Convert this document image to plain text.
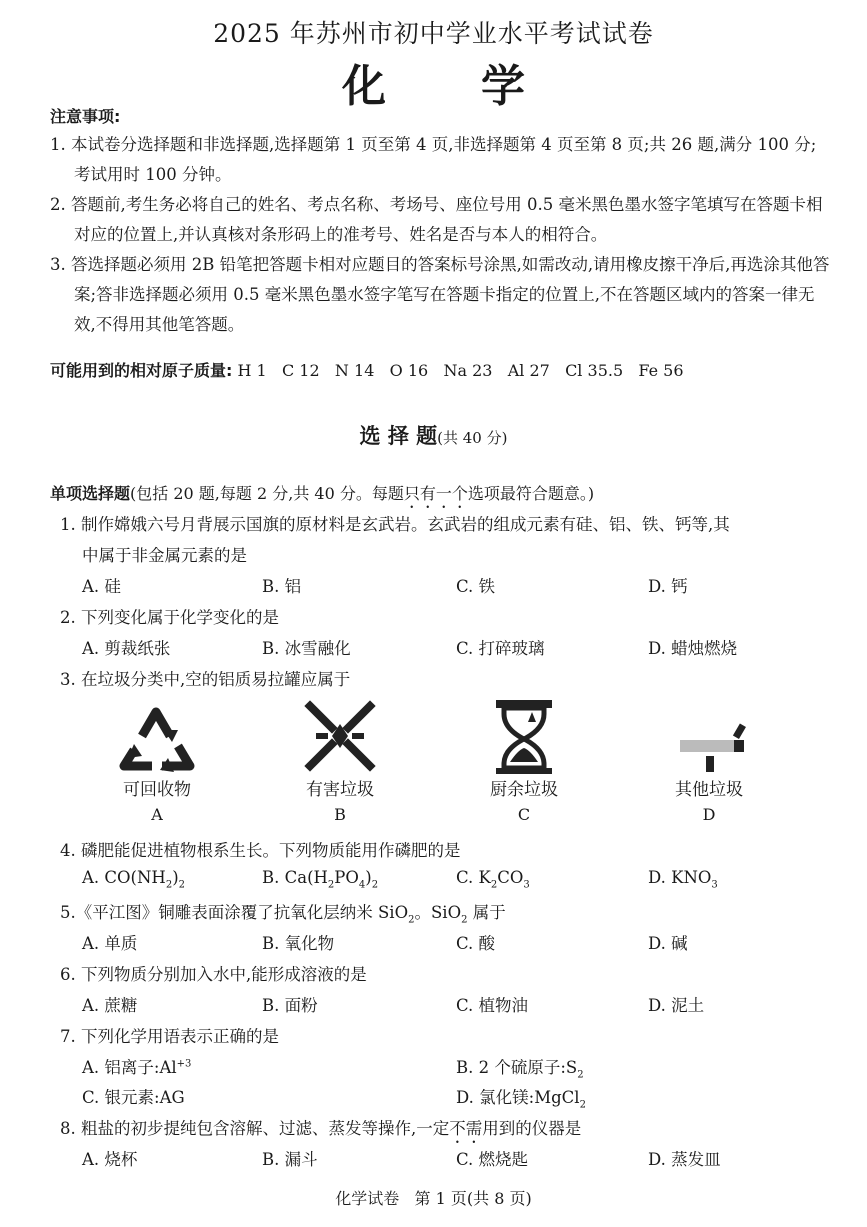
2025 年苏州市初中学业水平考试试卷
化学
注意事项:
1. 本试卷分选择题和非选择题,选择题第 1 页至第 4 页,非选择题第 4 页至第 8 页;共 26 题,满分 100 分;考试用时 100 分钟。
2. 答题前,考生务必将自己的姓名、考点名称、考场号、座位号用 0.5 毫米黑色墨水签字笔填写在答题卡相对应的位置上,并认真核对条形码上的准考号、姓名是否与本人的相符合。
3. 答选择题必须用 2B 铅笔把答题卡相对应题目的答案标号涂黑,如需改动,请用橡皮擦干净后,再选涂其他答案;答非选择题必须用 0.5 毫米黑色墨水签字笔写在答题卡指定的位置上,不在答题区域内的答案一律无效,不得用其他笔答题。
可能用到的相对原子质量: H 1   C 12   N 14   O 16   Na 23   Al 27   Cl 35.5   Fe 56
选 择 题(共 40 分)
单项选择题(包括 20 题,每题 2 分,共 40 分。每题只有一个选项最符合题意。)
1. 制作嫦娥六号月背展示国旗的原材料是玄武岩。玄武岩的组成元素有硅、铝、铁、钙等,其
中属于非金属元素的是
A. 硅	B. 铝	C. 铁	D. 钙
2. 下列变化属于化学变化的是
A. 剪裁纸张	B. 冰雪融化	C. 打碎玻璃	D. 蜡烛燃烧
3. 在垃圾分类中,空的铝质易拉罐应属于
可回收物
A
有害垃圾
B
厨余垃圾
C
其他垃圾
D
4. 磷肥能促进植物根系生长。下列物质能用作磷肥的是
A. $CO(NH_2)_2$	B. $Ca(H_2PO_4)_2$	C. $K_2CO_3$	D. $KNO_3$
5.《平江图》铜雕表面涂覆了抗氧化层纳米 SiO$_2$。SiO$_2$ 属于
A. 单质	B. 氧化物	C. 酸	D. 碱
6. 下列物质分别加入水中,能形成溶液的是
A. 蔗糖	B. 面粉	C. 植物油	D. 泥土
7. 下列化学用语表示正确的是
A. 铝离子$:Al^{+3}$	B. 2 个硫原子$:S_2$
C. 银元素:AG	D. 氯化镁:MgCl$_2$
8. 粗盐的初步提纯包含溶解、过滤、蒸发等操作,一定不需用到的仪器是
A. 烧杯	B. 漏斗	C. 燃烧匙	D. 蒸发皿
化学试卷   第 1 页(共 8 页)
